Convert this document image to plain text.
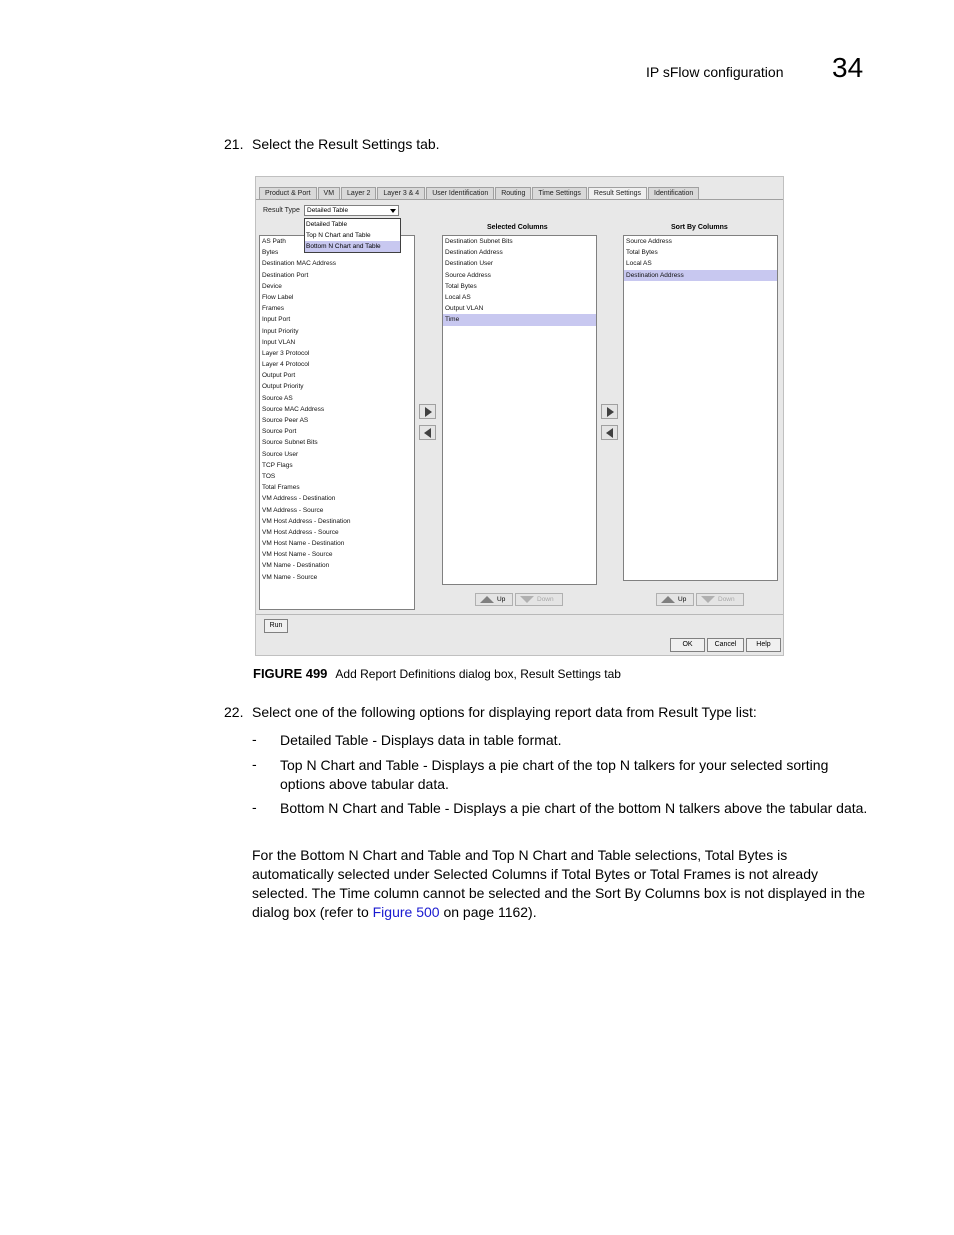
IP sFlow configuration 34
21. Select the Result Settings tab.
Product & Port	VM	Layer 2	Layer 3 & 4	User Identification	Routing	Time Settings	Result Settings	Identification
Result Type	Detailed Table
Detailed Table
Top N Chart and Table
Bottom N Chart and Table
AS Path
Bytes
Destination MAC Address
Destination Port
Device
Flow Label
Frames
Input Port
Input Priority
Input VLAN
Layer 3 Protocol
Layer 4 Protocol
Output Port
Output Priority
Source AS
Source MAC Address
Source Peer AS
Source Port
Source Subnet Bits
Source User
TCP Flags
TOS
Total Frames
VM Address - Destination
VM Address - Source
VM Host Address - Destination
VM Host Address - Source
VM Host Name - Destination
VM Host Name - Source
VM Name - Destination
VM Name - Source
Selected Columns
Destination Subnet Bits
Destination Address
Destination User
Source Address
Total Bytes
Local AS
Output VLAN
Time
Sort By Columns
Source Address
Total Bytes
Local AS
Destination Address
Up	Down	Up	Down
Run
OK	Cancel	Help
FIGURE 499 Add Report Definitions dialog box, Result Settings tab
22. Select one of the following options for displaying report data from Result Type list:
- Detailed Table - Displays data in table format.
- Top N Chart and Table - Displays a pie chart of the top N talkers for your selected sorting options above tabular data.
- Bottom N Chart and Table - Displays a pie chart of the bottom N talkers above the tabular data.
For the Bottom N Chart and Table and Top N Chart and Table selections, Total Bytes is automatically selected under Selected Columns if Total Bytes or Total Frames is not already selected. The Time column cannot be selected and the Sort By Columns box is not displayed in the dialog box (refer to Figure 500 on page 1162).
